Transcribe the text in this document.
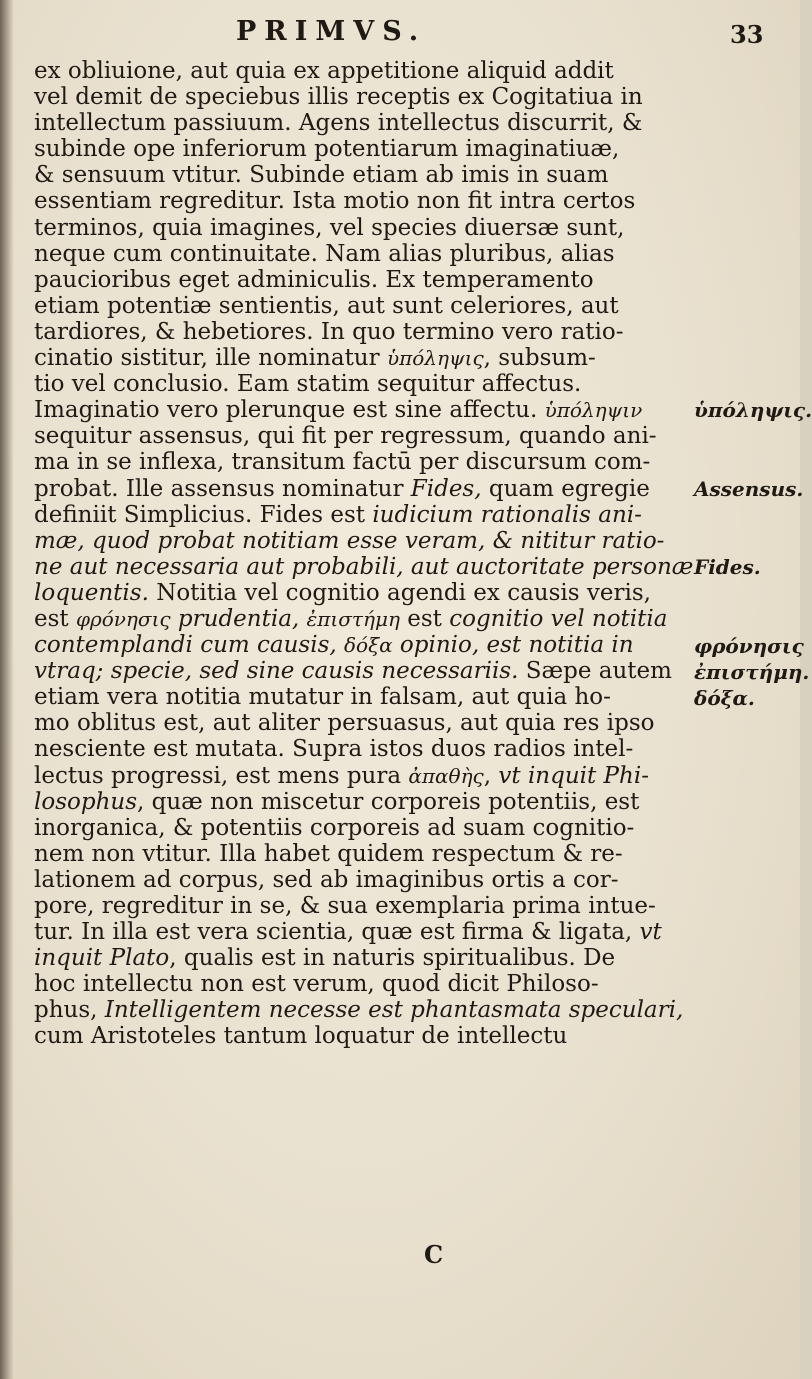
PRIMVS.	33
ex obliuione, aut quia ex appetitione aliquid addit
vel demit de speciebus illis receptis ex Cogitatiua in
intellectum passiuum. Agens intellectus discurrit, &
subinde ope inferiorum potentiarum imaginatiuæ,
& sensuum vtitur. Subinde etiam ab imis in suam
essentiam regreditur. Ista motio non fit intra certos
terminos, quia imagines, vel species diuersæ sunt,
neque cum continuitate. Nam alias pluribus, alias
paucioribus eget adminiculis. Ex temperamento
etiam potentiæ sentientis, aut sunt celeriores, aut
tardiores, & hebetiores. In quo termino vero ratio-
cinatio sistitur, ille nominatur ὑπόληψις, subsum-
tio vel conclusio. Eam statim sequitur affectus.
Imaginatio vero plerunque est sine affectu. ὑπόληψιν
sequitur assensus, qui fit per regressum, quando ani-
ma in se inflexa, transitum factū per discursum com-
probat. Ille assensus nominatur Fides, quam egregie
definiit Simplicius. Fides est iudicium rationalis ani-
mæ, quod probat notitiam esse veram, & nititur ratio-
ne aut necessaria aut probabili, aut auctoritate personæ
loquentis. Notitia vel cognitio agendi ex causis veris,
est φρόνησις prudentia, ἐπιστήμη est cognitio vel notitia
contemplandi cum causis, δόξα opinio, est notitia in
vtraq; specie, sed sine causis necessariis. Sæpe autem
etiam vera notitia mutatur in falsam, aut quia ho-
mo oblitus est, aut aliter persuasus, aut quia res ipso
nesciente est mutata. Supra istos duos radios intel-
lectus progressi, est mens pura ἀπαθὴς, vt inquit Phi-
losophus, quæ non miscetur corporeis potentiis, est
inorganica, & potentiis corporeis ad suam cognitio-
nem non vtitur. Illa habet quidem respectum & re-
lationem ad corpus, sed ab imaginibus ortis a cor-
pore, regreditur in se, & sua exemplaria prima intue-
tur. In illa est vera scientia, quæ est firma & ligata, vt
inquit Plato, qualis est in naturis spiritualibus. De
hoc intellectu non est verum, quod dicit Philoso-
phus, Intelligentem necesse est phantasmata speculari,
cum Aristoteles tantum loquatur de intellectu
ὑπόληψις.
Assensus.
Fides.
φρόνησις
ἐπιστήμη.
δόξα.
C
